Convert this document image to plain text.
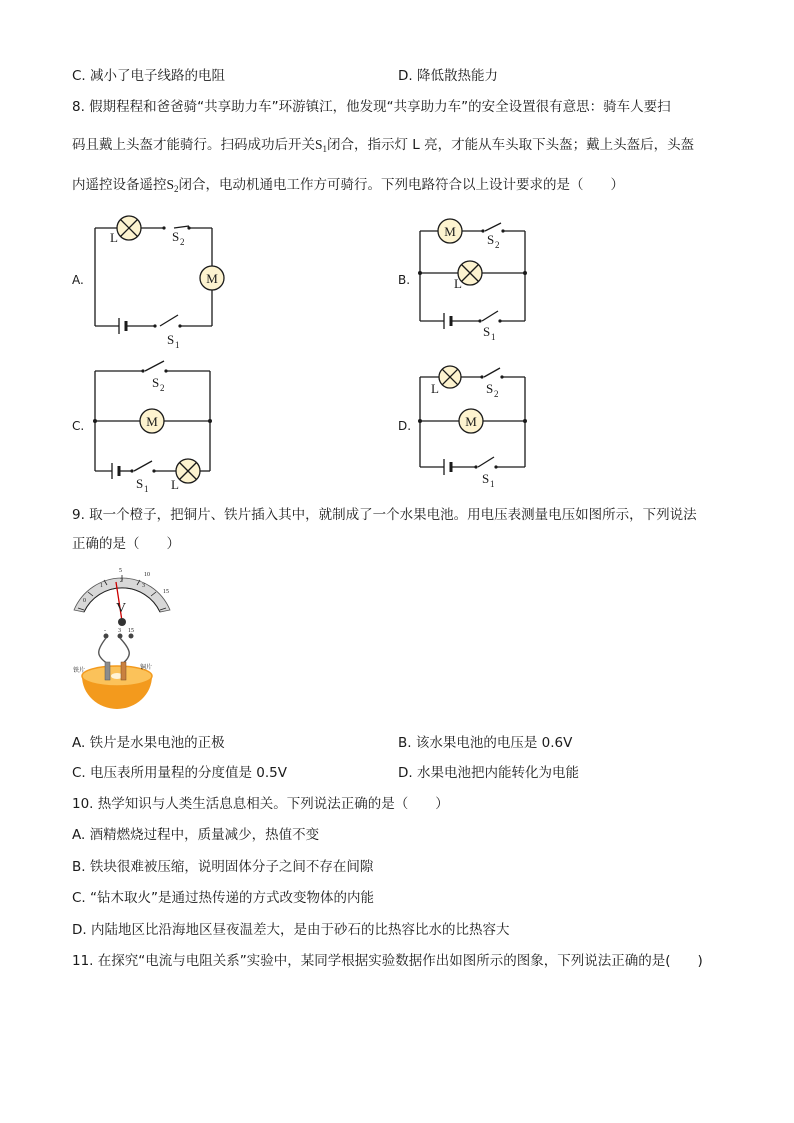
C. 减小了电子线路的电阻	D. 降低散热能力
8. 假期程程和爸爸骑“共享助力车”环游镇江，他发现“共享助力车”的安全设置很有意思：骑车人要扫
码且戴上头盔才能骑行。扫码成功后开关$S_1$闭合，指示灯 L 亮，才能从车头取下头盔；戴上头盔后，头盔
内遥控设备遥控$S_2$闭合，电动机通电工作方可骑行。下列电路符合以上设计要求的是（　　）
M
M
M	M
L	S 2
S 1
S 2
L
S 1
S 2
S 1 L
L	S 2
S 1
A.	B.
C.	D.
9. 取一个橙子，把铜片、铁片插入其中，就制成了一个水果电池。用电压表测量电压如图所示，下列说法
正确的是（　　）
0
1
2
3
5
10
15
V
- 3 15
铁片	铜片
A. 铁片是水果电池的正极	B. 该水果电池的电压是 0.6V
C. 电压表所用量程的分度值是 0.5V	D. 水果电池把内能转化为电能
10. 热学知识与人类生活息息相关。下列说法正确的是（　　）
A. 酒精燃烧过程中，质量减少，热值不变
B. 铁块很难被压缩，说明固体分子之间不存在间隙
C. “钻木取火”是通过热传递的方式改变物体的内能
D. 内陆地区比沿海地区昼夜温差大，是由于砂石的比热容比水的比热容大
11. 在探究“电流与电阻关系”实验中，某同学根据实验数据作出如图所示的图象，下列说法正确的是(　　)
